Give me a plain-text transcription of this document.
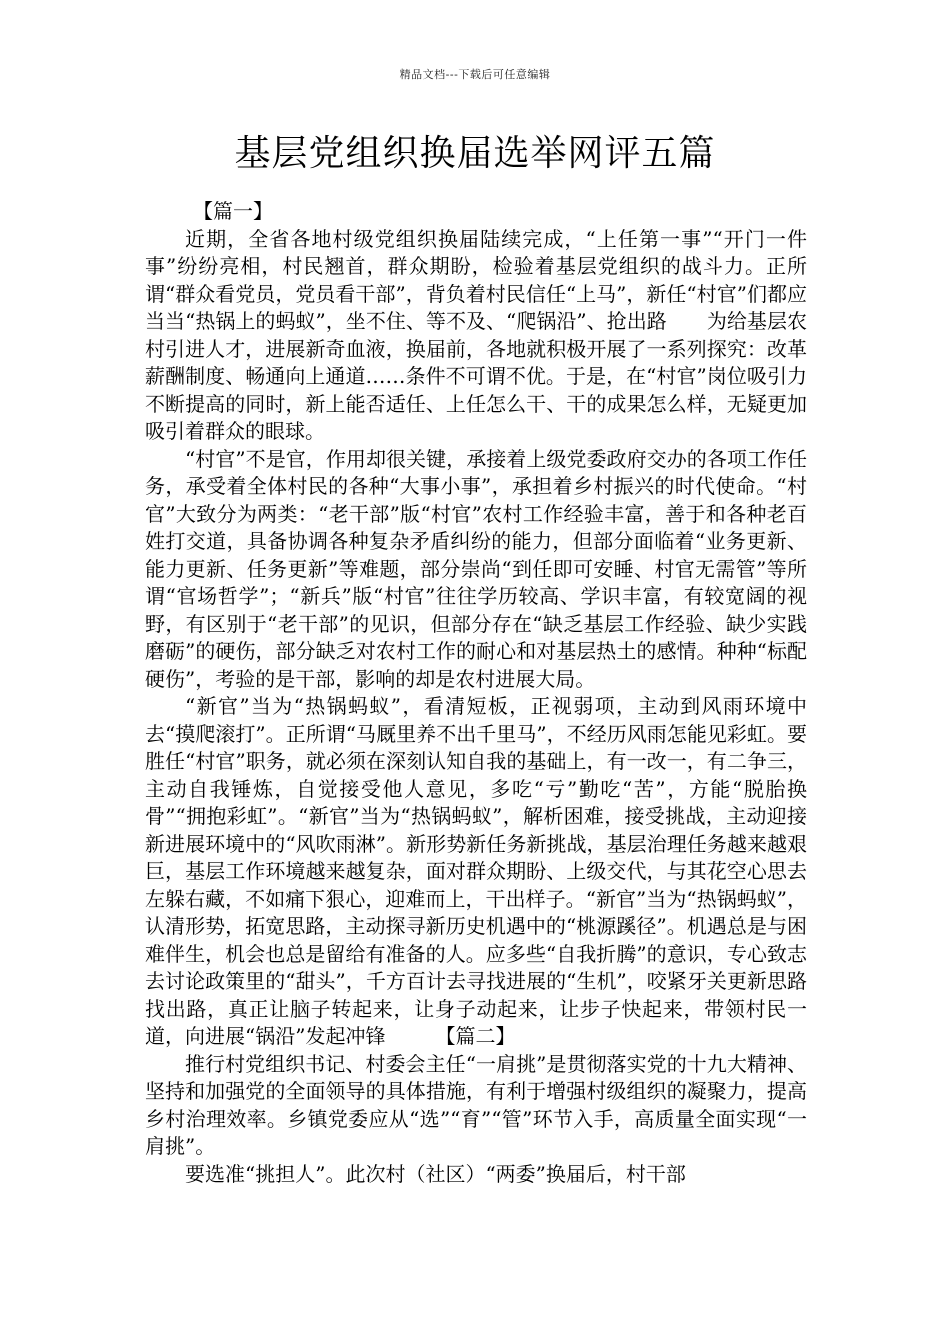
精品文档---下载后可任意编辑
基层党组织换届选举网评五篇
【篇一】

近期，全省各地村级党组织换届陆续完成，“上任第一事”“开门一件事”纷纷亮相，村民翘首，群众期盼，检验着基层党组织的战斗力。正所谓“群众看党员，党员看干部”，背负着村民信任“上马”，新任“村官”们都应当当“热锅上的蚂蚁”，坐不住、等不及、“爬锅沿”、抢出路　　为给基层农村引进人才，进展新奇血液，换届前，各地就积极开展了一系列探究：改革薪酬制度、畅通向上通道……条件不可谓不优。于是，在“村官”岗位吸引力不断提高的同时，新上能否适任、上任怎么干、干的成果怎么样，无疑更加吸引着群众的眼球。

“村官”不是官，作用却很关键，承接着上级党委政府交办的各项工作任务，承受着全体村民的各种“大事小事”，承担着乡村振兴的时代使命。“村官”大致分为两类：“老干部”版“村官”农村工作经验丰富，善于和各种老百姓打交道，具备协调各种复杂矛盾纠纷的能力，但部分面临着“业务更新、能力更新、任务更新”等难题，部分崇尚“到任即可安睡、村官无需管”等所谓“官场哲学”；“新兵”版“村官”往往学历较高、学识丰富，有较宽阔的视野，有区别于“老干部”的见识，但部分存在“缺乏基层工作经验、缺少实践磨砺”的硬伤，部分缺乏对农村工作的耐心和对基层热土的感情。种种“标配硬伤”，考验的是干部，影响的却是农村进展大局。

“新官”当为“热锅蚂蚁”，看清短板，正视弱项，主动到风雨环境中去“摸爬滚打”。正所谓“马厩里养不出千里马”，不经历风雨怎能见彩虹。要胜任“村官”职务，就必须在深刻认知自我的基础上，有一改一，有二争三，主动自我锤炼，自觉接受他人意见，多吃“亏”勤吃“苦”，方能“脱胎换骨”“拥抱彩虹”。“新官”当为“热锅蚂蚁”，解析困难，接受挑战，主动迎接新进展环境中的“风吹雨淋”。新形势新任务新挑战，基层治理任务越来越艰巨，基层工作环境越来越复杂，面对群众期盼、上级交代，与其花空心思去左躲右藏，不如痛下狠心，迎难而上，干出样子。“新官”当为“热锅蚂蚁”，认清形势，拓宽思路，主动探寻新历史机遇中的“桃源蹊径”。机遇总是与困难伴生，机会也总是留给有准备的人。应多些“自我折腾”的意识，专心致志去讨论政策里的“甜头”，千方百计去寻找进展的“生机”，咬紧牙关更新思路找出路，真正让脑子转起来，让身子动起来，让步子快起来，带领村民一道，向进展“锅沿”发起冲锋　　　	【篇二】

推行村党组织书记、村委会主任“一肩挑”是贯彻落实党的十九大精神、坚持和加强党的全面领导的具体措施，有利于增强村级组织的凝聚力，提高乡村治理效率。乡镇党委应从“选”“育”“管”环节入手，高质量全面实现“一肩挑”。

要选准“挑担人”。此次村（社区）“两委”换届后，村干部
